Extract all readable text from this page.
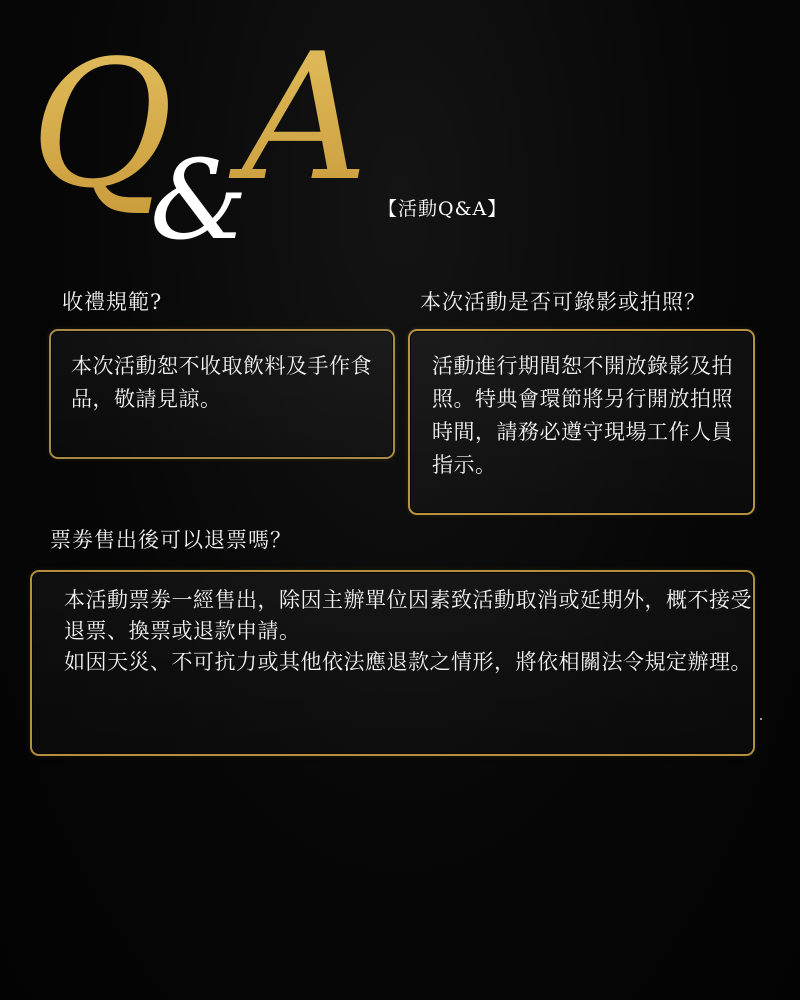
Q
&
A 【活動Q&A】
收禮規範?	本次活動是否可錄影或拍照？
本次活動恕不收取飲料及手作食品，敬請見諒。
活動進行期間恕不開放錄影及拍照。特典會環節將另行開放拍照時間，請務必遵守現場工作人員指示。
票劵售出後可以退票嗎？
本活動票劵一經售出，除因主辦單位因素致活動取消或延期外，概不接受退票、換票或退款申請。
如因天災、不可抗力或其他依法應退款之情形，將依相關法令規定辦理。
